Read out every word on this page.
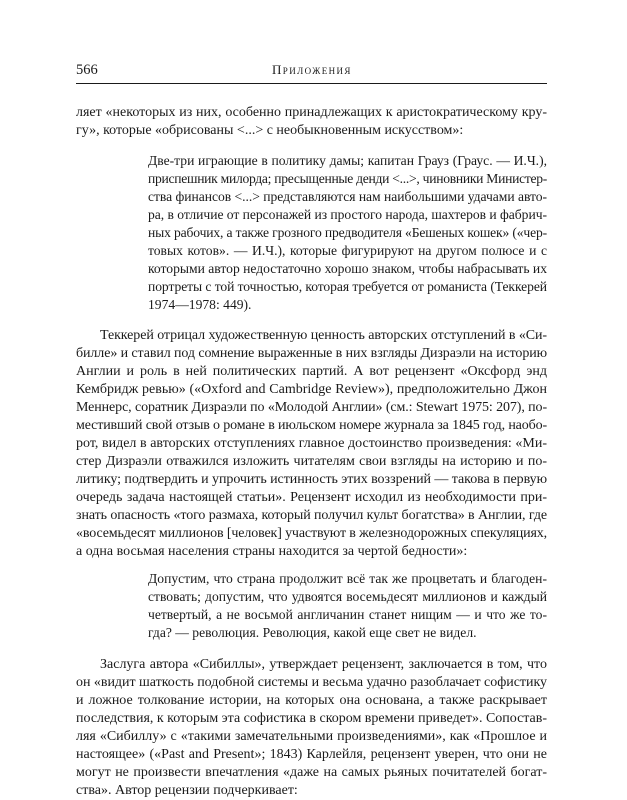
566	Приложения
ляет «некоторых из них, особенно принадлежащих к аристократическому кру-
гу», которые «обрисованы <...> с необыкновенным искусством»:
Две-три играющие в политику дамы; капитан Грауз (Граус. — И.Ч.),
приспешник милорда; пресыщенные денди <...>, чиновники Министер-
ства финансов <...> представляются нам наибольшими удачами авто-
ра, в отличие от персонажей из простого народа, шахтеров и фабрич-
ных рабочих, а также грозного предводителя «Бешеных кошек» («чер-
товых котов». — И.Ч.), которые фигурируют на другом полюсе и с
которыми автор недостаточно хорошо знаком, чтобы набрасывать их
портреты с той точностью, которая требуется от романиста (Теккерей
1974—1978: 449).
Теккерей отрицал художественную ценность авторских отступлений в «Си-
билле» и ставил под сомнение выраженные в них взгляды Дизраэли на историю
Англии и роль в ней политических партий. А вот рецензент «Оксфорд энд
Кембридж ревью» («Oxford and Cambridge Review»), предположительно Джон
Меннерс, соратник Дизраэли по «Молодой Англии» (см.: Stewart 1975: 207), по-
местивший свой отзыв о романе в июльском номере журнала за 1845 год, наобо-
рот, видел в авторских отступлениях главное достоинство произведения: «Ми-
стер Дизраэли отважился изложить читателям свои взгляды на историю и по-
литику; подтвердить и упрочить истинность этих воззрений — такова в первую
очередь задача настоящей статьи». Рецензент исходил из необходимости при-
знать опасность «того размаха, который получил культ богатства» в Англии, где
«восемьдесят миллионов [человек] участвуют в железнодорожных спекуляциях,
а одна восьмая населения страны находится за чертой бедности»:
Допустим, что страна продолжит всё так же процветать и благоден-
ствовать; допустим, что удвоятся восемьдесят миллионов и каждый
четвертый, а не восьмой англичанин станет нищим — и что же то-
гда? — революция. Революция, какой еще свет не видел.
Заслуга автора «Сибиллы», утверждает рецензент, заключается в том, что
он «видит шаткость подобной системы и весьма удачно разоблачает софистику
и ложное толкование истории, на которых она основана, а также раскрывает
последствия, к которым эта софистика в скором времени приведет». Сопостав-
ляя «Сибиллу» с «такими замечательными произведениями», как «Прошлое и
настоящее» («Past and Present»; 1843) Карлейля, рецензент уверен, что они не
могут не произвести впечатления «даже на самых рьяных почитателей богат-
ства». Автор рецензии подчеркивает:
